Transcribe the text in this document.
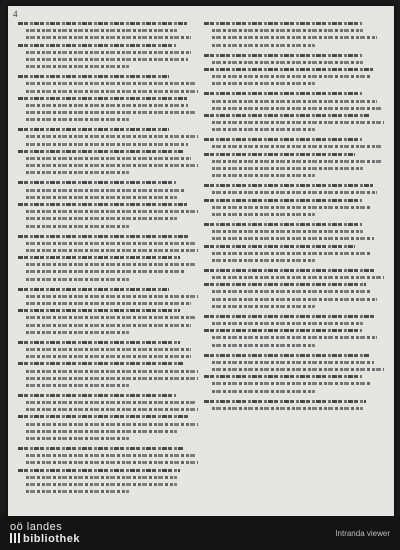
4
oö landes
bibliothek	Intranda viewer
